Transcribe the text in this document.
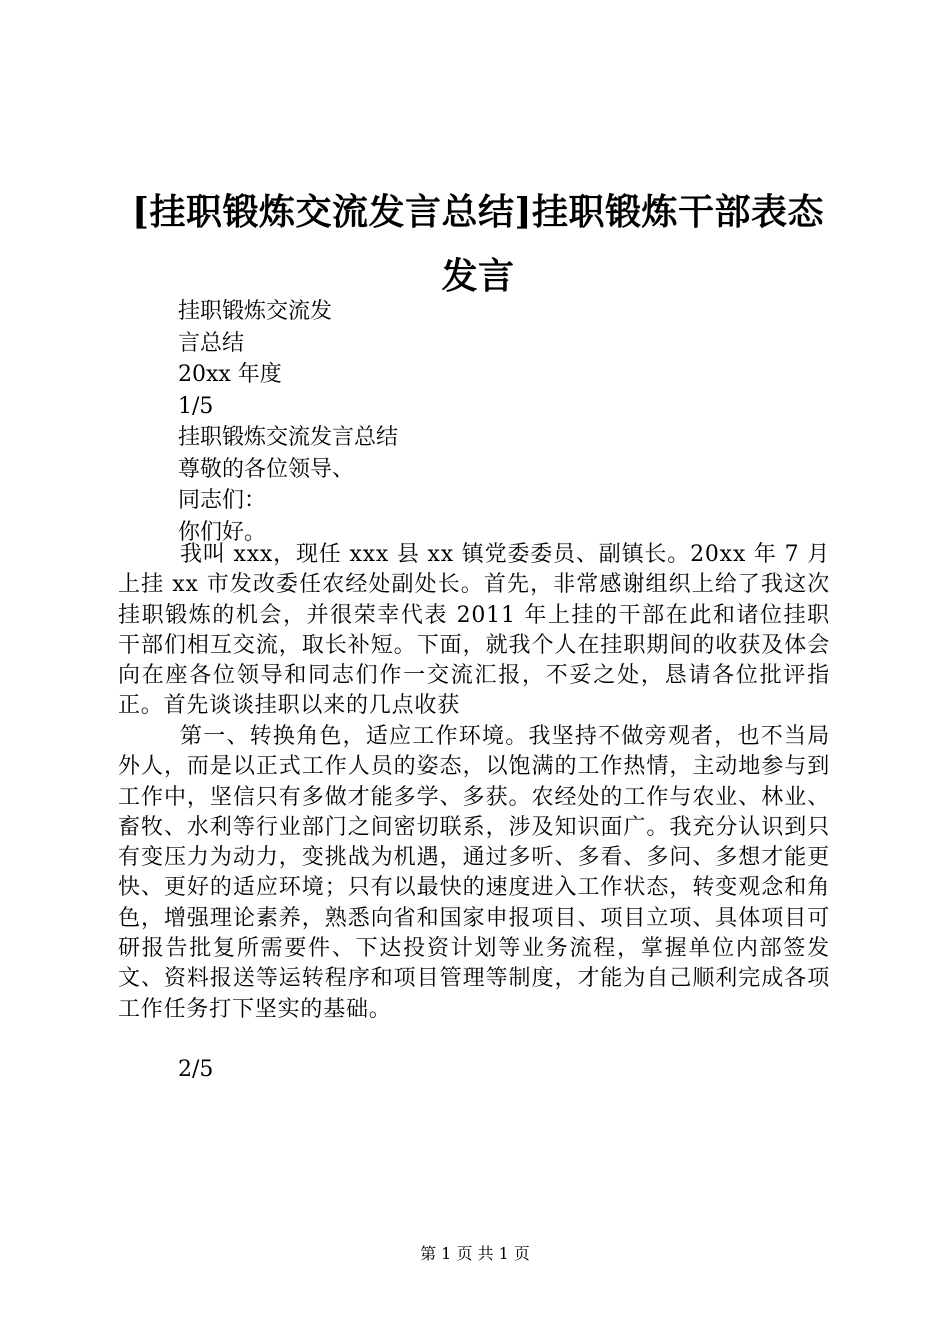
[挂职锻炼交流发言总结]挂职锻炼干部表态发言
挂职锻炼交流发
言总结
20xx 年度
1/5
挂职锻炼交流发言总结
尊敬的各位领导、
同志们：
你们好。

我叫 xxx，现任 xxx 县 xx 镇党委委员、副镇长。20xx 年 7 月上挂 xx 市发改委任农经处副处长。首先，非常感谢组织上给了我这次挂职锻炼的机会，并很荣幸代表 2011 年上挂的干部在此和诸位挂职干部们相互交流，取长补短。下面，就我个人在挂职期间的收获及体会向在座各位领导和同志们作一交流汇报，不妥之处，恳请各位批评指正。首先谈谈挂职以来的几点收获

第一、转换角色，适应工作环境。我坚持不做旁观者，也不当局外人，而是以正式工作人员的姿态，以饱满的工作热情，主动地参与到工作中，坚信只有多做才能多学、多获。农经处的工作与农业、林业、畜牧、水利等行业部门之间密切联系，涉及知识面广。我充分认识到只有变压力为动力，变挑战为机遇，通过多听、多看、多问、多想才能更快、更好的适应环境；只有以最快的速度进入工作状态，转变观念和角色，增强理论素养，熟悉向省和国家申报项目、项目立项、具体项目可研报告批复所需要件、下达投资计划等业务流程，掌握单位内部签发文、资料报送等运转程序和项目管理等制度，才能为自己顺利完成各项工作任务打下坚实的基础。

2/5
第 1 页 共 1 页
